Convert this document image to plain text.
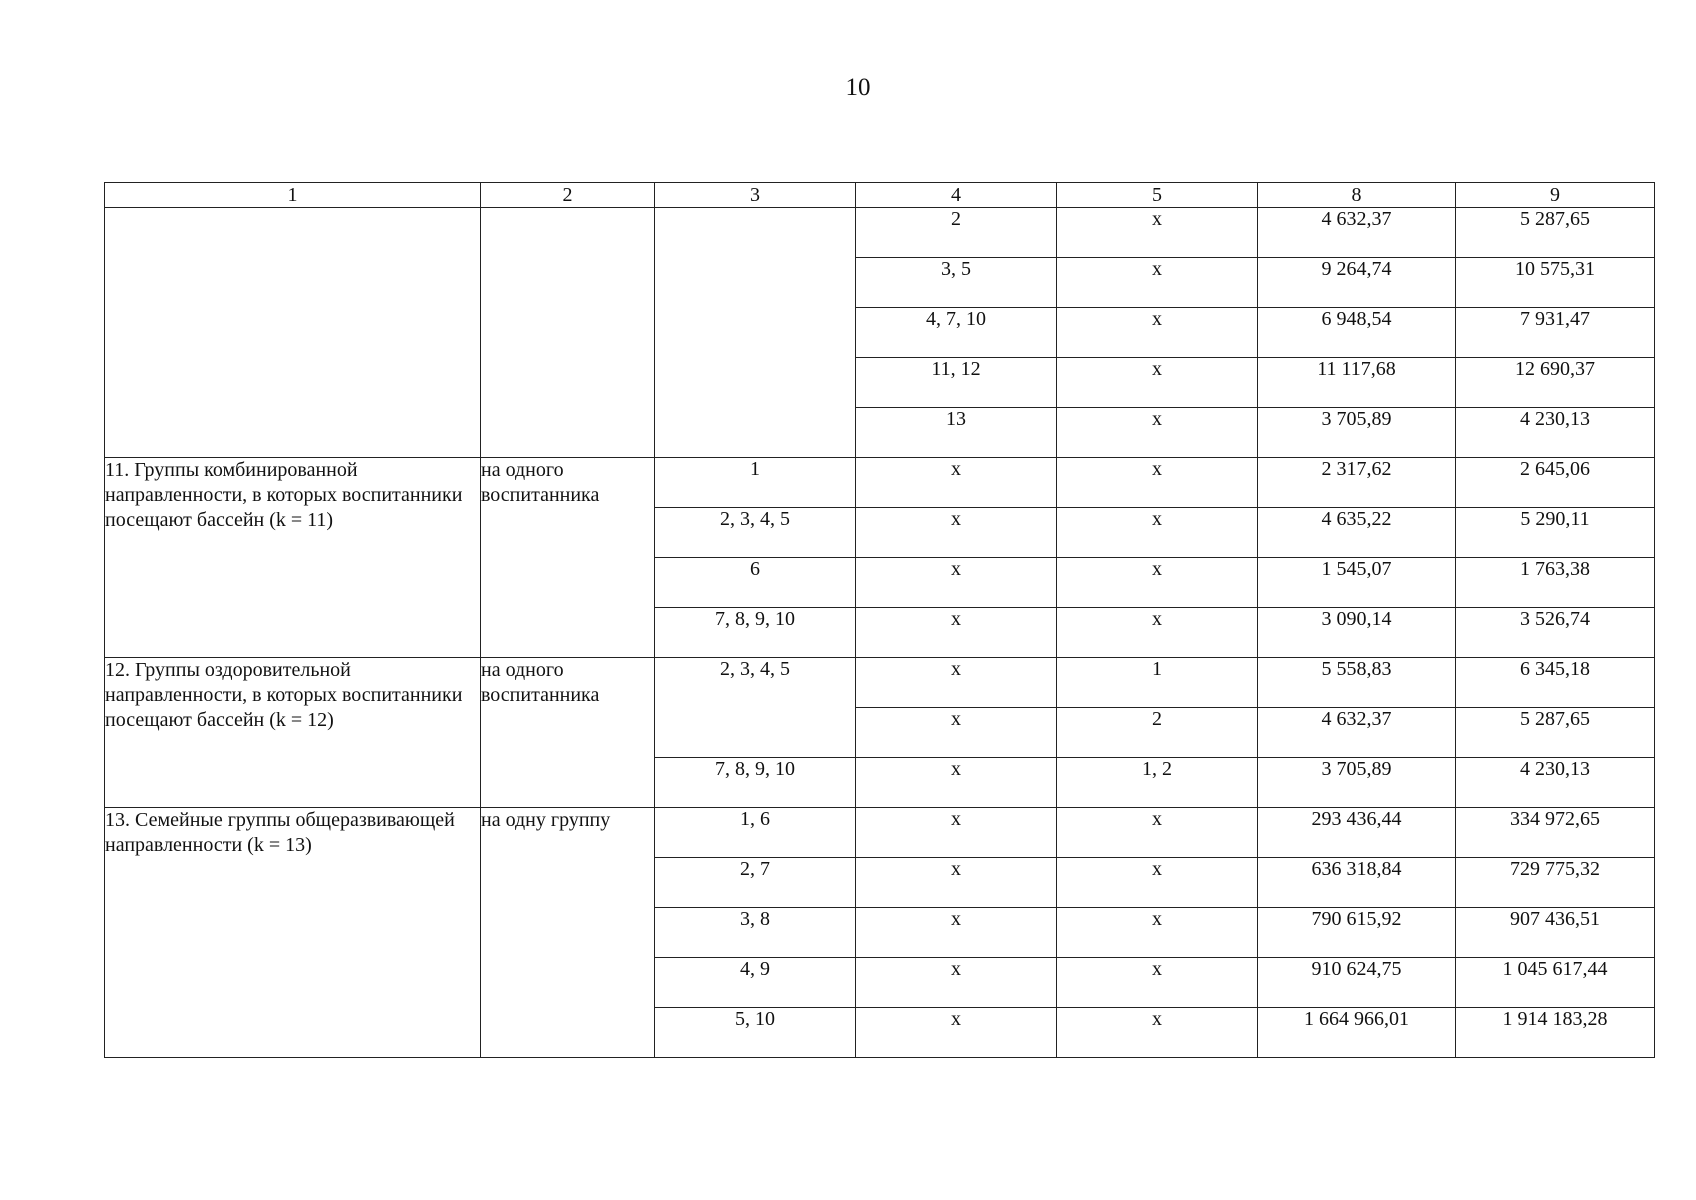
10
1	2	3	4	5	8	9
			2	х	4 632,37	5 287,65
			3, 5	х	9 264,74	10 575,31
			4, 7, 10	х	6 948,54	7 931,47
			11, 12	х	11 117,68	12 690,37
			13	х	3 705,89	4 230,13
11. Группы комбинированной направленности, в которых воспитанники посещают бассейн (k = 11)	на одного воспитанника	1	х	х	2 317,62	2 645,06
		2, 3, 4, 5	х	х	4 635,22	5 290,11
		6	х	х	1 545,07	1 763,38
		7, 8, 9, 10	х	х	3 090,14	3 526,74
12. Группы оздоровительной направленности, в которых воспитанники посещают бассейн (k = 12)	на одного воспитанника	2, 3, 4, 5	х	1	5 558,83	6 345,18
			х	2	4 632,37	5 287,65
		7, 8, 9, 10	х	1, 2	3 705,89	4 230,13
13. Семейные группы общеразвивающей направленности (k = 13)	на одну группу	1, 6	х	х	293 436,44	334 972,65
		2, 7	х	х	636 318,84	729 775,32
		3, 8	х	х	790 615,92	907 436,51
		4, 9	х	х	910 624,75	1 045 617,44
		5, 10	х	х	1 664 966,01	1 914 183,28
